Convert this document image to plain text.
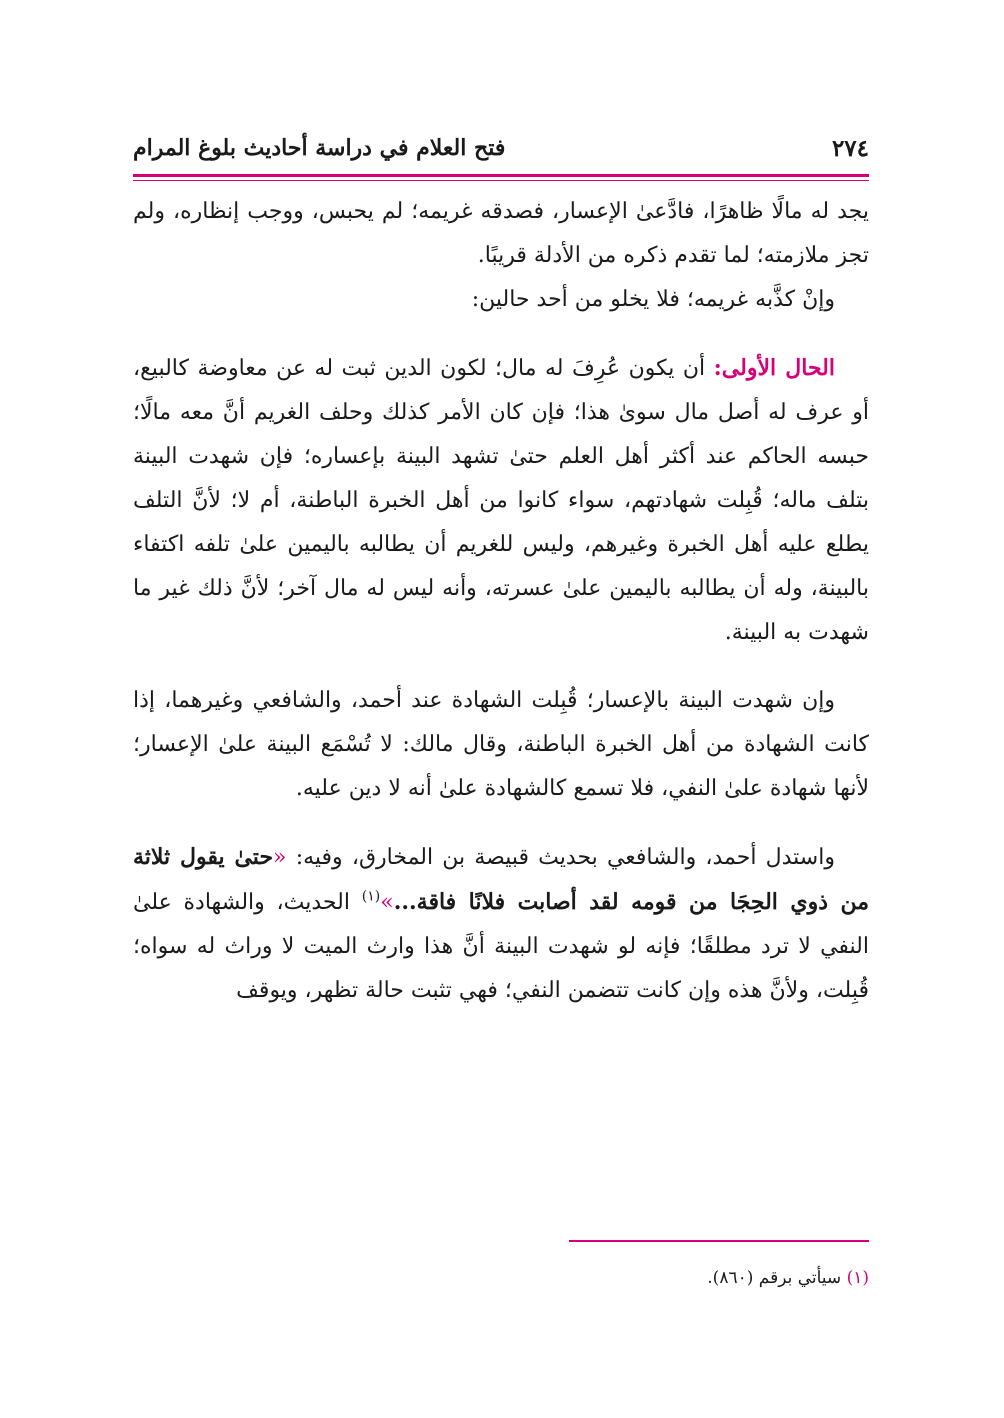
٢٧٤
فتح العلام في دراسة أحاديث بلوغ المرام

يجد له مالًا ظاهرًا، فادَّعىٰ الإعسار، فصدقه غريمه؛ لم يحبس، ووجب إنظاره، ولم تجز ملازمته؛ لما تقدم ذكره من الأدلة قريبًا.

وإنْ كذَّبه غريمه؛ فلا يخلو من أحد حالين:

الحال الأولى: أن يكون عُرِفَ له مال؛ لكون الدين ثبت له عن معاوضة كالبيع، أو عرف له أصل مال سوىٰ هذا؛ فإن كان الأمر كذلك وحلف الغريم أنَّ معه مالًا؛ حبسه الحاكم عند أكثر أهل العلم حتىٰ تشهد البينة بإعساره؛ فإن شهدت البينة بتلف ماله؛ قُبِلت شهادتهم، سواء كانوا من أهل الخبرة الباطنة، أم لا؛ لأنَّ التلف يطلع عليه أهل الخبرة وغيرهم، وليس للغريم أن يطالبه باليمين علىٰ تلفه اكتفاء بالبينة، وله أن يطالبه باليمين علىٰ عسرته، وأنه ليس له مال آخر؛ لأنَّ ذلك غير ما شهدت به البينة.

وإن شهدت البينة بالإعسار؛ قُبِلت الشهادة عند أحمد، والشافعي وغيرهما، إذا كانت الشهادة من أهل الخبرة الباطنة، وقال مالك: لا تُسْمَع البينة علىٰ الإعسار؛ لأنها شهادة علىٰ النفي، فلا تسمع كالشهادة علىٰ أنه لا دين عليه.

واستدل أحمد، والشافعي بحديث قبيصة بن المخارق، وفيه: «حتىٰ يقول ثلاثة من ذوي الحِجَا من قومه لقد أصابت فلانًا فاقة...»$^{(١)}$ الحديث، والشهادة علىٰ النفي لا ترد مطلقًا؛ فإنه لو شهدت البينة أنَّ هذا وارث الميت لا وراث له سواه؛ قُبِلت، ولأنَّ هذه وإن كانت تتضمن النفي؛ فهي تثبت حالة تظهر، ويوقف

(١) سيأتي برقم (٨٦٠).
